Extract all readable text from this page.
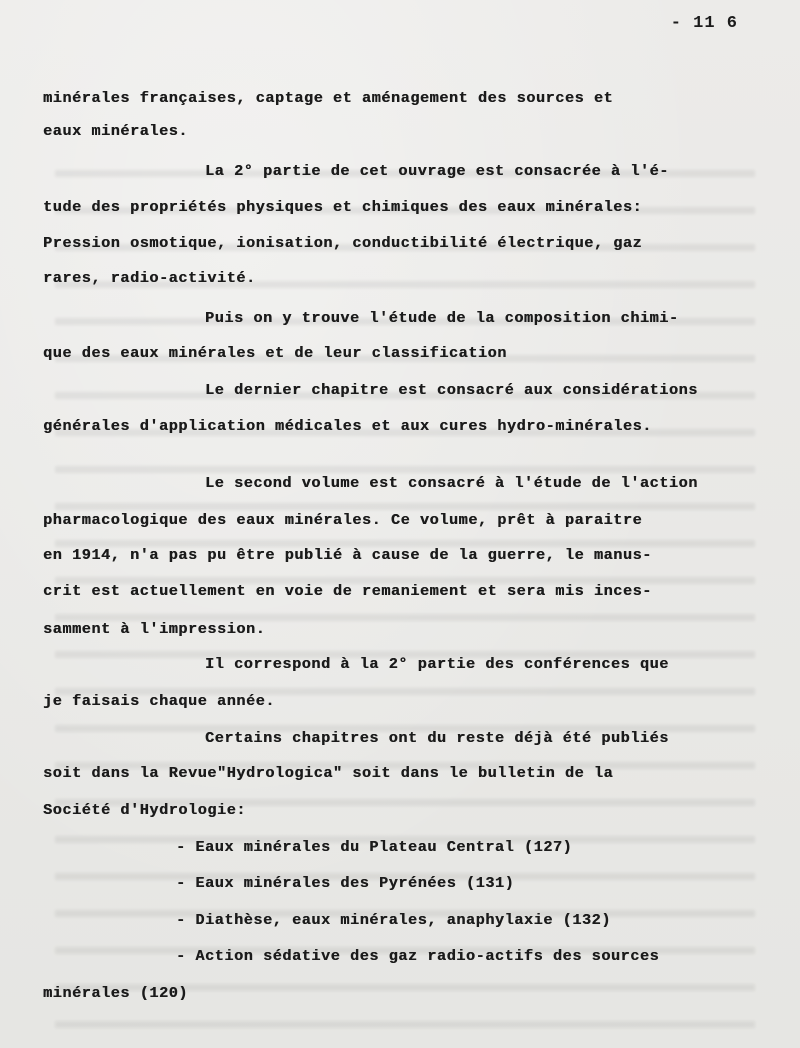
- 11 6
minérales françaises, captage et aménagement des sources et
eaux minérales.
La 2° partie de cet ouvrage est consacrée à l'é-
tude des propriétés physiques et chimiques des eaux minérales:
Pression osmotique, ionisation, conductibilité électrique, gaz
rares, radio-activité.
Puis on y trouve l'étude de la composition chimi-
que des eaux minérales et de leur classification
Le dernier chapitre est consacré aux considérations
générales d'application médicales et aux cures hydro-minérales.
Le second volume est consacré à l'étude de l'action
pharmacologique des eaux minérales. Ce volume, prêt à paraitre
en 1914, n'a pas pu être publié à cause de la guerre, le manus-
crit est actuellement en voie de remaniement et sera mis inces-
samment à l'impression.
Il correspond à la 2° partie des conférences que
je faisais chaque année.
Certains chapitres ont du reste déjà été publiés
soit dans la Revue"Hydrologica" soit dans le bulletin de la
Société d'Hydrologie:
- Eaux minérales du Plateau Central (127)
- Eaux minérales des Pyrénées (131)
- Diathèse, eaux minérales, anaphylaxie (132)
- Action sédative des gaz radio-actifs des sources
minérales (120)
